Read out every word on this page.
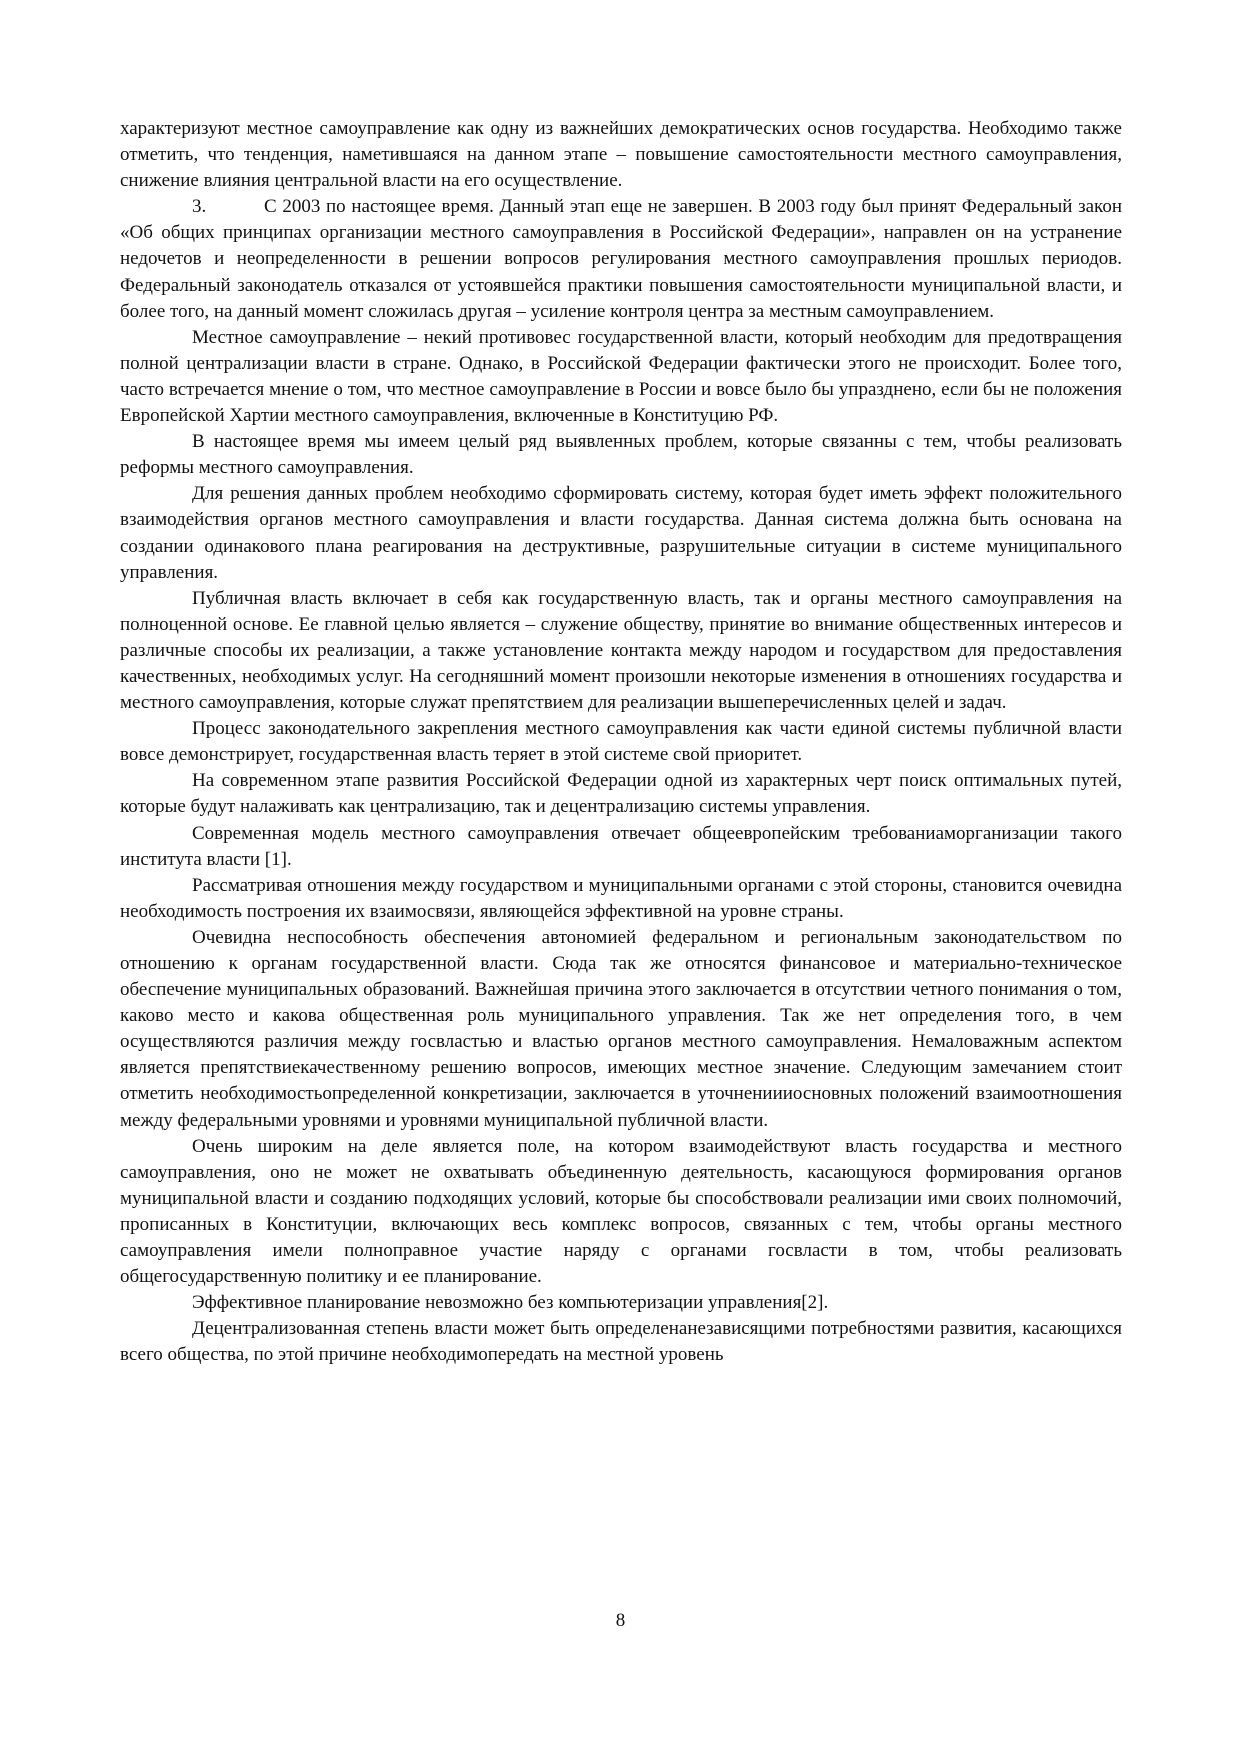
характеризуют местное самоуправление как одну из важнейших демократических основ государства. Необходимо также отметить, что тенденция, наметившаяся на данном этапе – повышение самостоятельности местного самоуправления, снижение влияния центральной власти на его осуществление.

3.	С 2003 по настоящее время. Данный этап еще не завершен. В 2003 году был принят Федеральный закон «Об общих принципах организации местного самоуправления в Российской Федерации», направлен он на устранение недочетов и неопределенности в решении вопросов регулирования местного самоуправления прошлых периодов. Федеральный законодатель отказался от устоявшейся практики повышения самостоятельности муниципальной власти, и более того, на данный момент сложилась другая – усиление контроля центра за местным самоуправлением.

Местное самоуправление – некий противовес государственной власти, который необходим для предотвращения полной централизации власти в стране. Однако, в Российской Федерации фактически этого не происходит. Более того, часто встречается мнение о том, что местное самоуправление в России и вовсе было бы упразднено, если бы не положения Европейской Хартии местного самоуправления, включенные в Конституцию РФ.

В настоящее время мы имеем целый ряд выявленных проблем, которые связанны с тем, чтобы реализовать реформы местного самоуправления.

Для решения данных проблем необходимо сформировать систему, которая будет иметь эффект положительного взаимодействия органов местного самоуправления и власти государства. Данная система должна быть основана на создании одинакового плана реагирования на деструктивные, разрушительные ситуации в системе муниципального управления.

Публичная власть включает в себя как государственную власть, так и органы местного самоуправления на полноценной основе. Ее главной целью является – служение обществу, принятие во внимание общественных интересов и различные способы их реализации, а также установление контакта между народом и государством для предоставления качественных, необходимых услуг. На сегодняшний момент произошли некоторые изменения в отношениях государства и местного самоуправления, которые служат препятствием для реализации вышеперечисленных целей и задач.

Процесс законодательного закрепления местного самоуправления как части единой системы публичной власти вовсе демонстрирует, государственная власть теряет в этой системе свой приоритет.

На современном этапе развития Российской Федерации одной из характерных черт поиск оптимальных путей, которые будут налаживать как централизацию, так и децентрализацию системы управления.

Современная модель местного самоуправления отвечает общеевропейским требованиаморганизации такого института власти [1].

Рассматривая отношения между государством и муниципальными органами с этой стороны, становится очевидна необходимость построения их взаимосвязи, являющейся эффективной на уровне страны.

Очевидна неспособность обеспечения автономией федеральном и региональным законодательством по отношению к органам государственной власти. Сюда так же относятся финансовое и материально-техническое обеспечение муниципальных образований. Важнейшая причина этого заключается в отсутствии четного понимания о том, каково место и какова общественная роль муниципального управления. Так же нет определения того, в чем осуществляются различия между госвластью и властью органов местного самоуправления. Немаловажным аспектом является препятствиекачественному решению вопросов, имеющих местное значение. Следующим замечанием стоит отметить необходимостьопределенной конкретизации, заключается в уточнениииосновных положений взаимоотношения между федеральными уровнями и уровнями муниципальной публичной власти.

Очень широким на деле является поле, на котором взаимодействуют власть государства и местного самоуправления, оно не может не охватывать объединенную деятельность, касающуюся формирования органов муниципальной власти и созданию подходящих условий, которые бы способствовали реализации ими своих полномочий, прописанных в Конституции, включающих весь комплекс вопросов, связанных с тем, чтобы органы местного самоуправления имели полноправное участие наряду с органами госвласти в том, чтобы реализовать общегосударственную политику и ее планирование.

Эффективное планирование невозможно без компьютеризации управления[2].

Децентрализованная степень власти может быть определенанезависящими потребностями развития, касающихся всего общества, по этой причине необходимопередать на местной уровень

8
